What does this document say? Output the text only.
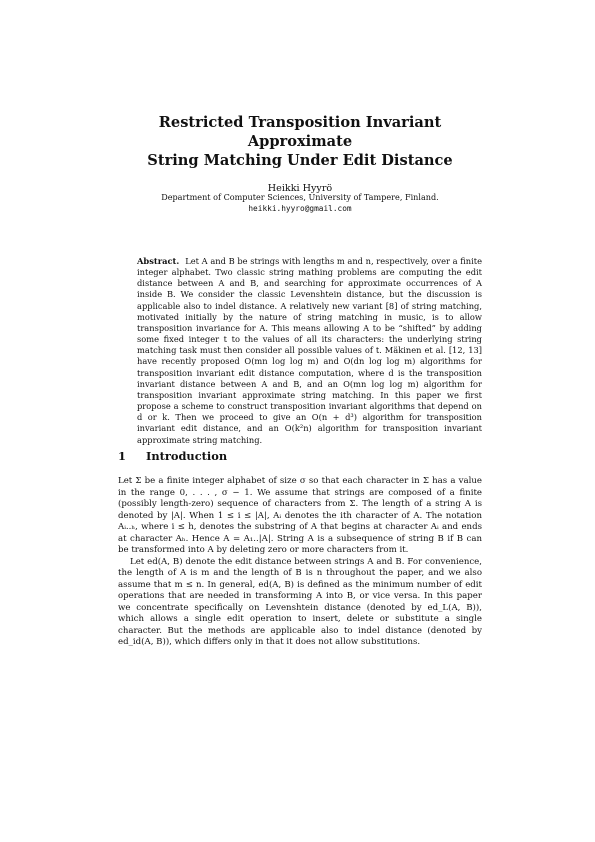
Restricted Transposition Invariant Approximate
String Matching Under Edit Distance
Heikki Hyyrö
Department of Computer Sciences, University of Tampere, Finland.
heikki.hyyro@gmail.com
Abstract. Let A and B be strings with lengths m and n, respectively, over a finite integer alphabet. Two classic string mathing problems are computing the edit distance between A and B, and searching for approximate occurrences of A inside B. We consider the classic Levenshtein distance, but the discussion is applicable also to indel distance. A relatively new variant [8] of string matching, motivated initially by the nature of string matching in music, is to allow transposition invariance for A. This means allowing A to be “shifted” by adding some fixed integer t to the values of all its characters: the underlying string matching task must then consider all possible values of t. Mäkinen et al. [12, 13] have recently proposed O(mn log log m) and O(dn log log m) algorithms for transposition invariant edit distance computation, where d is the transposition invariant distance between A and B, and an O(mn log log m) algorithm for transposition invariant approximate string matching. In this paper we first propose a scheme to construct transposition invariant algorithms that depend on d or k. Then we proceed to give an O(n + d³) algorithm for transposition invariant edit distance, and an O(k²n) algorithm for transposition invariant approximate string matching.
1 Introduction

Let Σ be a finite integer alphabet of size σ so that each character in Σ has a value in the range 0, . . . , σ − 1. We assume that strings are composed of a finite (possibly length-zero) sequence of characters from Σ. The length of a string A is denoted by |A|. When 1 ≤ i ≤ |A|, Aᵢ denotes the ith character of A. The notation Aᵢ..ₕ, where i ≤ h, denotes the substring of A that begins at character Aᵢ and ends at character Aₕ. Hence A = A₁..|A|. String A is a subsequence of string B if B can be transformed into A by deleting zero or more characters from it.

Let ed(A, B) denote the edit distance between strings A and B. For convenience, the length of A is m and the length of B is n throughout the paper, and we also assume that m ≤ n. In general, ed(A, B) is defined as the minimum number of edit operations that are needed in transforming A into B, or vice versa. In this paper we concentrate specifically on Levenshtein distance (denoted by ed_L(A, B)), which allows a single edit operation to insert, delete or substitute a single character. But the methods are applicable also to indel distance (denoted by ed_id(A, B)), which differs only in that it does not allow substitutions.
